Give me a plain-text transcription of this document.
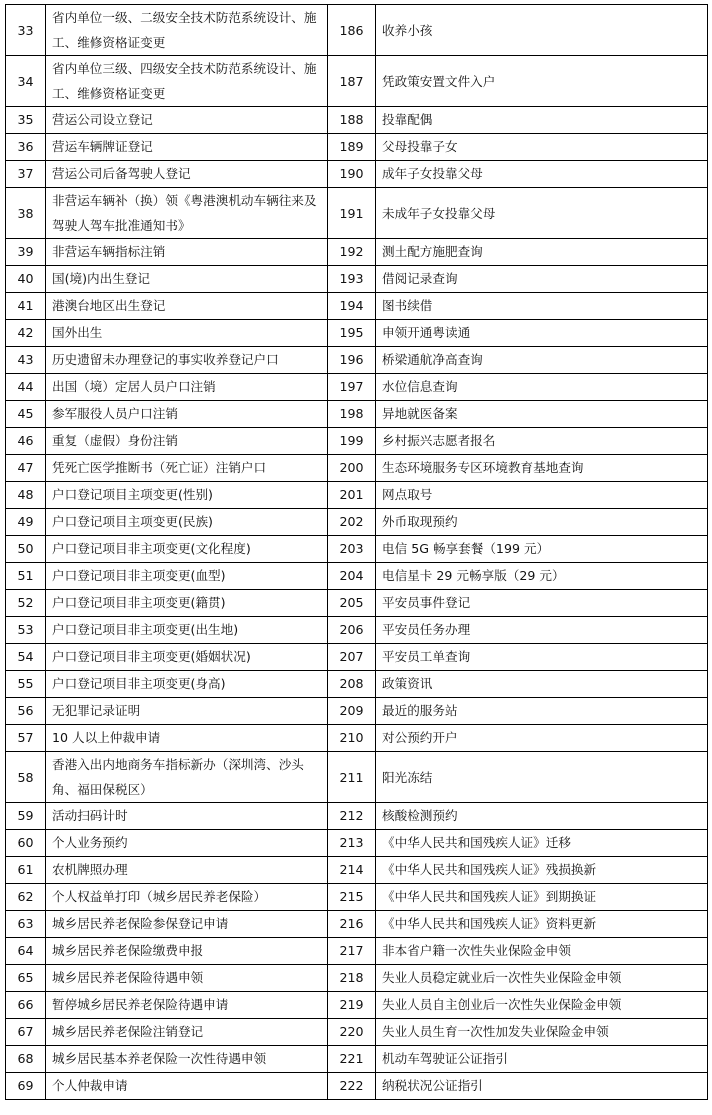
33	省内单位一级、二级安全技术防范系统设计、施工、维修资格证变更	186	收养小孩
34	省内单位三级、四级安全技术防范系统设计、施工、维修资格证变更	187	凭政策安置文件入户
35	营运公司设立登记	188	投靠配偶
36	营运车辆牌证登记	189	父母投靠子女
37	营运公司后备驾驶人登记	190	成年子女投靠父母
38	非营运车辆补（换）领《粤港澳机动车辆往来及驾驶人驾车批准通知书》	191	未成年子女投靠父母
39	非营运车辆指标注销	192	测土配方施肥查询
40	国(境)内出生登记	193	借阅记录查询
41	港澳台地区出生登记	194	图书续借
42	国外出生	195	申领开通粤读通
43	历史遗留未办理登记的事实收养登记户口	196	桥梁通航净高查询
44	出国（境）定居人员户口注销	197	水位信息查询
45	参军服役人员户口注销	198	异地就医备案
46	重复（虚假）身份注销	199	乡村振兴志愿者报名
47	凭死亡医学推断书（死亡证）注销户口	200	生态环境服务专区环境教育基地查询
48	户口登记项目主项变更(性别)	201	网点取号
49	户口登记项目主项变更(民族)	202	外币取现预约
50	户口登记项目非主项变更(文化程度)	203	电信 5G 畅享套餐（199 元）
51	户口登记项目非主项变更(血型)	204	电信星卡 29 元畅享版（29 元）
52	户口登记项目非主项变更(籍贯)	205	平安员事件登记
53	户口登记项目非主项变更(出生地)	206	平安员任务办理
54	户口登记项目非主项变更(婚姻状况)	207	平安员工单查询
55	户口登记项目非主项变更(身高)	208	政策资讯
56	无犯罪记录证明	209	最近的服务站
57	10 人以上仲裁申请	210	对公预约开户
58	香港入出内地商务车指标新办（深圳湾、沙头角、福田保税区）	211	阳光冻结
59	活动扫码计时	212	核酸检测预约
60	个人业务预约	213	《中华人民共和国残疾人证》迁移
61	农机牌照办理	214	《中华人民共和国残疾人证》残损换新
62	个人权益单打印（城乡居民养老保险）	215	《中华人民共和国残疾人证》到期换证
63	城乡居民养老保险参保登记申请	216	《中华人民共和国残疾人证》资料更新
64	城乡居民养老保险缴费申报	217	非本省户籍一次性失业保险金申领
65	城乡居民养老保险待遇申领	218	失业人员稳定就业后一次性失业保险金申领
66	暂停城乡居民养老保险待遇申请	219	失业人员自主创业后一次性失业保险金申领
67	城乡居民养老保险注销登记	220	失业人员生育一次性加发失业保险金申领
68	城乡居民基本养老保险一次性待遇申领	221	机动车驾驶证公证指引
69	个人仲裁申请	222	纳税状况公证指引
